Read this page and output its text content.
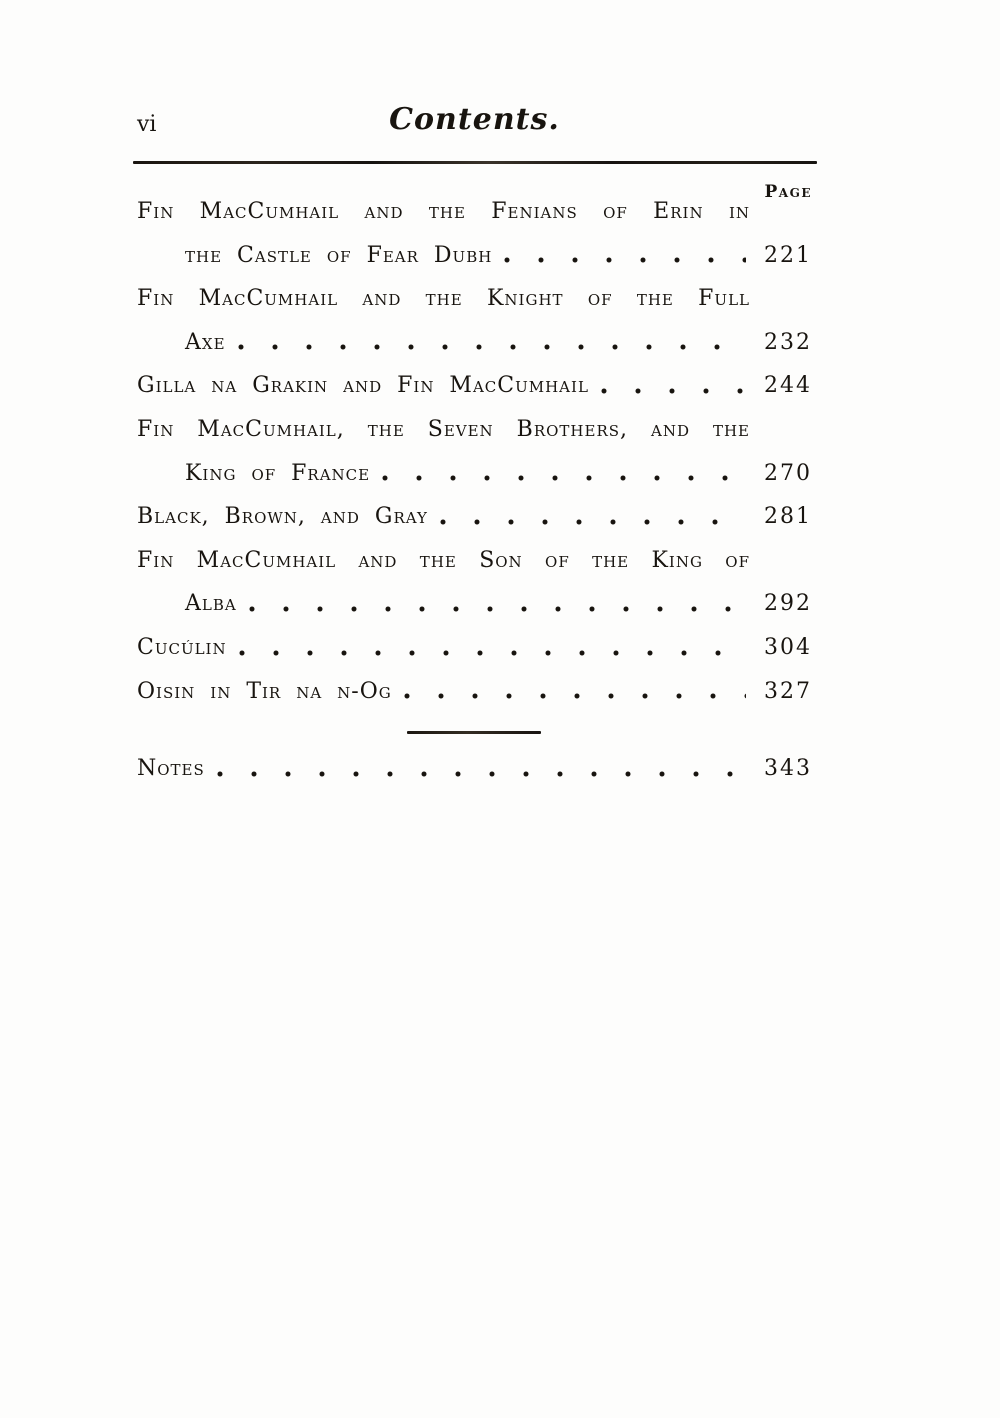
vi	Contents.
Page
Fin MacCumhail and the Fenians of Erin in
the Castle of Fear Dubh	221
Fin MacCumhail and the Knight of the Full
Axe	232
Gilla na Grakin and Fin MacCumhail	244
Fin MacCumhail, the Seven Brothers, and the
King of France	270
Black, Brown, and Gray	281
Fin MacCumhail and the Son of the King of
Alba	292
Cucúlin	304
Oisin in Tir na n-Og	327
Notes	343
